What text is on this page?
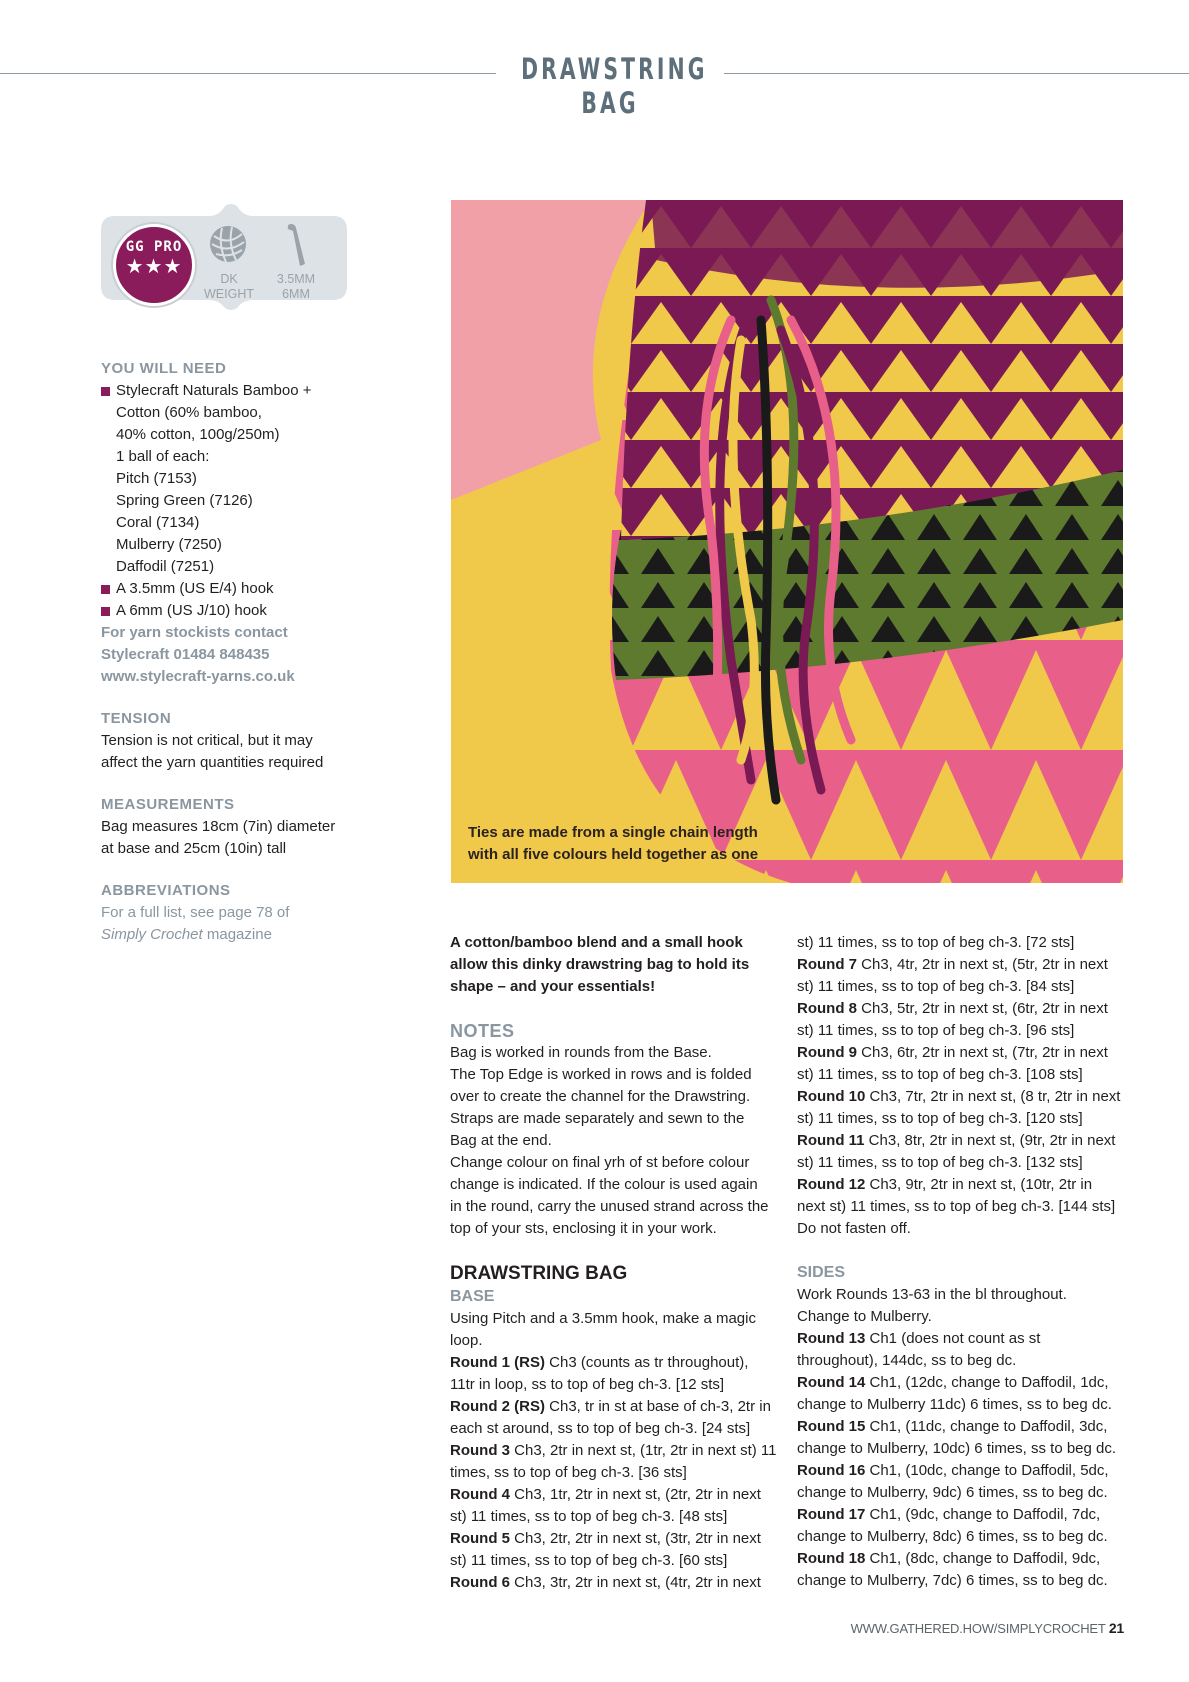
DRAWSTRING BAG
GG PRO
★★★
DK
WEIGHT
3.5MM
6MM

YOU WILL NEED

Stylecraft Naturals Bamboo +
Cotton (60% bamboo,
40% cotton, 100g/250m)
1 ball of each:
Pitch (7153)
Spring Green (7126)
Coral (7134)
Mulberry (7250)
Daffodil (7251)
A 3.5mm (US E/4) hook
A 6mm (US J/10) hook

For yarn stockists contact

Stylecraft 01484 848435

www.stylecraft-yarns.co.uk

TENSION

Tension is not critical, but it may

affect the yarn quantities required

MEASUREMENTS

Bag measures 18cm (7in) diameter

at base and 25cm (10in) tall

ABBREVIATIONS

For a full list, see page 78 of

Simply Crochet magazine

Ties are made from a single chain length
with all five colours held together as one

A cotton/bamboo blend and a small hook
allow this dinky drawstring bag to hold its
shape – and your essentials!

NOTES

Bag is worked in rounds from the Base.

The Top Edge is worked in rows and is folded

over to create the channel for the Drawstring.

Straps are made separately and sewn to the

Bag at the end.

Change colour on final yrh of st before colour

change is indicated. If the colour is used again

in the round, carry the unused strand across the

top of your sts, enclosing it in your work.

DRAWSTRING BAG

BASE

Using Pitch and a 3.5mm hook, make a magic

loop.

Round 1 (RS) Ch3 (counts as tr throughout),

11tr in loop, ss to top of beg ch-3. [12 sts]

Round 2 (RS) Ch3, tr in st at base of ch-3, 2tr in

each st around, ss to top of beg ch-3. [24 sts]

Round 3 Ch3, 2tr in next st, (1tr, 2tr in next st) 11

times, ss to top of beg ch-3. [36 sts]

Round 4 Ch3, 1tr, 2tr in next st, (2tr, 2tr in next

st) 11 times, ss to top of beg ch-3. [48 sts]

Round 5 Ch3, 2tr, 2tr in next st, (3tr, 2tr in next

st) 11 times, ss to top of beg ch-3. [60 sts]

Round 6 Ch3, 3tr, 2tr in next st, (4tr, 2tr in next

st) 11 times, ss to top of beg ch-3. [72 sts]

Round 7 Ch3, 4tr, 2tr in next st, (5tr, 2tr in next

st) 11 times, ss to top of beg ch-3. [84 sts]

Round 8 Ch3, 5tr, 2tr in next st, (6tr, 2tr in next

st) 11 times, ss to top of beg ch-3. [96 sts]

Round 9 Ch3, 6tr, 2tr in next st, (7tr, 2tr in next

st) 11 times, ss to top of beg ch-3. [108 sts]

Round 10 Ch3, 7tr, 2tr in next st, (8 tr, 2tr in next

st) 11 times, ss to top of beg ch-3. [120 sts]

Round 11 Ch3, 8tr, 2tr in next st, (9tr, 2tr in next

st) 11 times, ss to top of beg ch-3. [132 sts]

Round 12 Ch3, 9tr, 2tr in next st, (10tr, 2tr in

next st) 11 times, ss to top of beg ch-3. [144 sts]

Do not fasten off.

SIDES

Work Rounds 13-63 in the bl throughout.

Change to Mulberry.

Round 13 Ch1 (does not count as st

throughout), 144dc, ss to beg dc.

Round 14 Ch1, (12dc, change to Daffodil, 1dc,

change to Mulberry 11dc) 6 times, ss to beg dc.

Round 15 Ch1, (11dc, change to Daffodil, 3dc,

change to Mulberry, 10dc) 6 times, ss to beg dc.

Round 16 Ch1, (10dc, change to Daffodil, 5dc,

change to Mulberry, 9dc) 6 times, ss to beg dc.

Round 17 Ch1, (9dc, change to Daffodil, 7dc,

change to Mulberry, 8dc) 6 times, ss to beg dc.

Round 18 Ch1, (8dc, change to Daffodil, 9dc,

change to Mulberry, 7dc) 6 times, ss to beg dc.

WWW.GATHERED.HOW/SIMPLYCROCHET 21
